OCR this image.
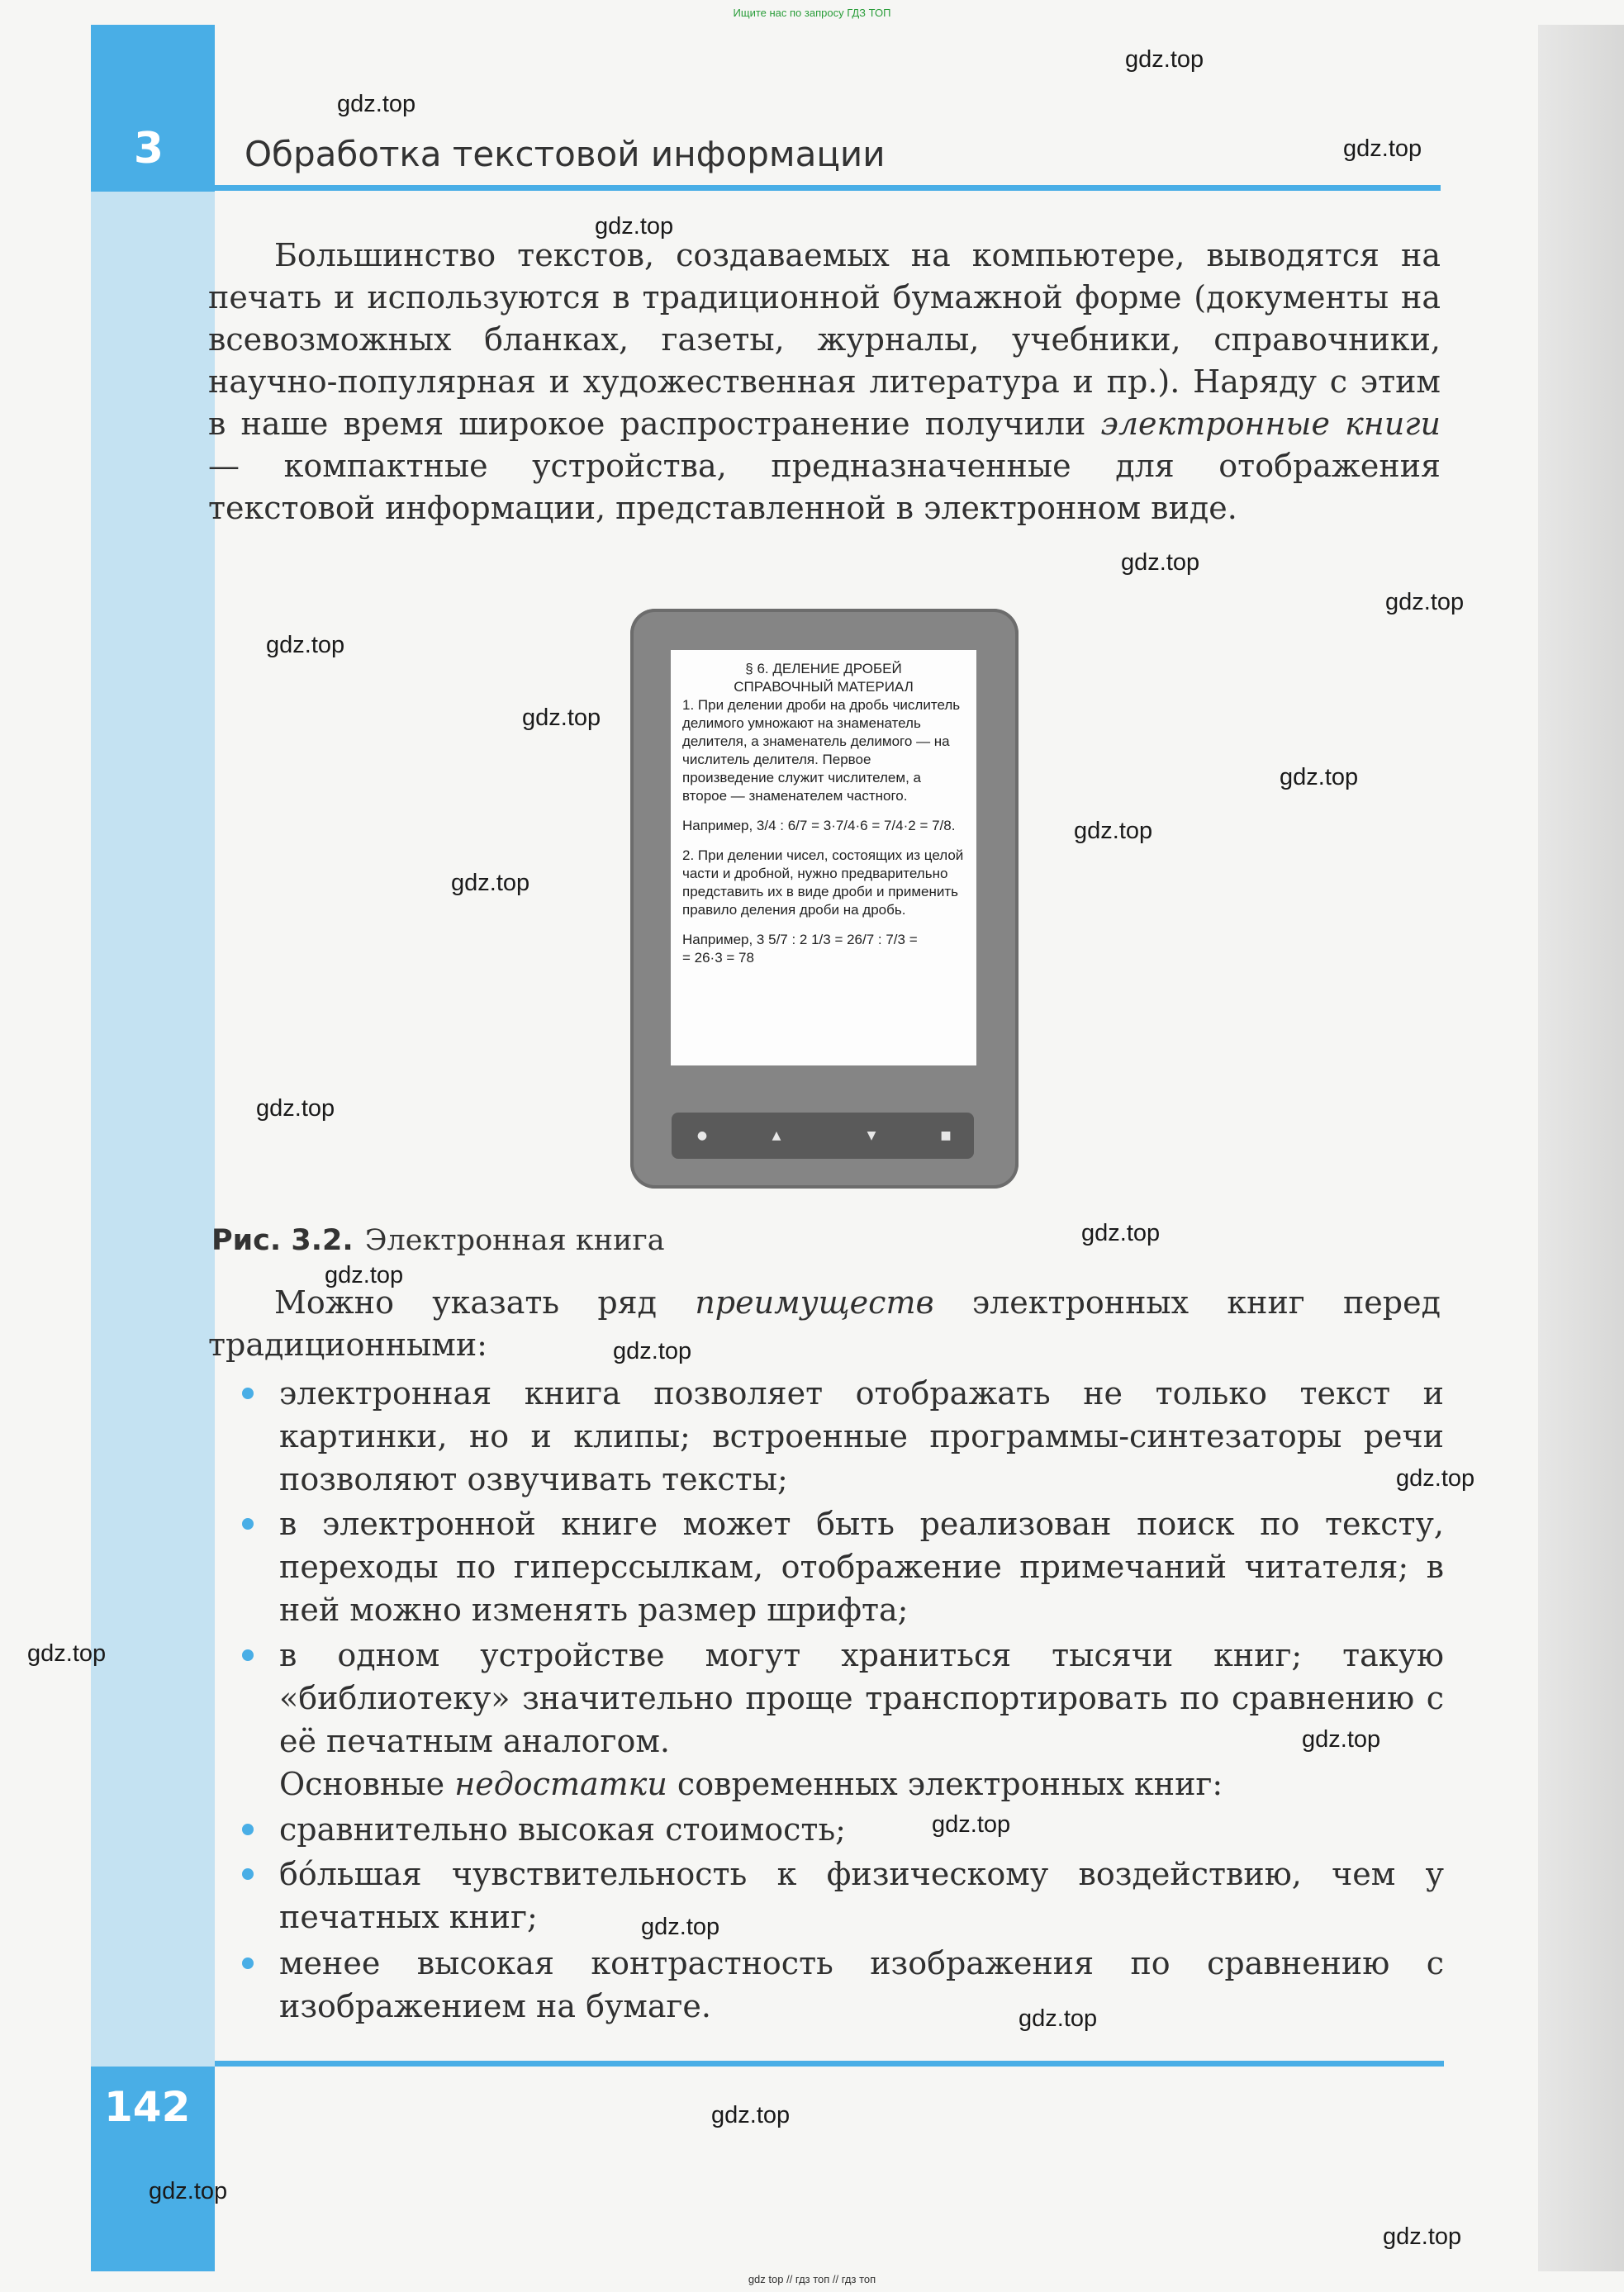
Ищите нас по запросу ГДЗ ТОП
3 Обработка текстовой информации
Большинство текстов, создаваемых на компьютере, выводятся на печать и используются в традиционной бумажной форме (документы на всевозможных бланках, газеты, журналы, учебники, справочники, научно-популярная и художественная литература и пр.). Наряду с этим в наше время широкое распространение получили электронные книги — компактные устройства, предназначенные для отображения текстовой информации, представленной в электронном виде.
§ 6. ДЕЛЕНИЕ ДРОБЕЙ
СПРАВОЧНЫЙ МАТЕРИАЛ

1. При делении дроби на дробь числитель делимого умножают на знаменатель делителя, а знаменатель делимого — на числитель делителя. Первое произведение служит числителем, а второе — знаменателем частного.

Например, 3/4 : 6/7 = 3·7/4·6 = 7/4·2 = 7/8.

2. При делении чисел, состоящих из целой части и дробной, нужно предварительно представить их в виде дроби и применить правило деления дроби на дробь.

Например, 3 5/7 : 2 1/3 = 26/7 : 7/3 =

= 26·3 = 78

●	▲	▼	■
Рис. 3.2. Электронная книга
Можно указать ряд преимуществ электронных книг перед традиционными:
электронная книга позволяет отображать не только текст и картинки, но и клипы; встроенные программы-синтезаторы речи позволяют озвучивать тексты;
в электронной книге может быть реализован поиск по тексту, переходы по гиперссылкам, отображение примечаний читателя; в ней можно изменять размер шрифта;
в одном устройстве могут храниться тысячи книг; такую «библиотеку» значительно проще транспортировать по сравнению с её печатным аналогом.
Основные недостатки современных электронных книг:
сравнительно высокая стоимость;
бо́льшая чувствительность к физическому воздействию, чем у печатных книг;
менее высокая контрастность изображения по сравнению с изображением на бумаге.
142
gdz top // гдз топ // гдз топ
gdz.top
gdz.top
gdz.top
gdz.top
gdz.top
gdz.top
gdz.top
gdz.top
gdz.top
gdz.top
gdz.top
gdz.top
gdz.top
gdz.top
gdz.top
gdz.top
gdz.top
gdz.top
gdz.top
gdz.top
gdz.top
gdz.top
gdz.top
gdz.top
